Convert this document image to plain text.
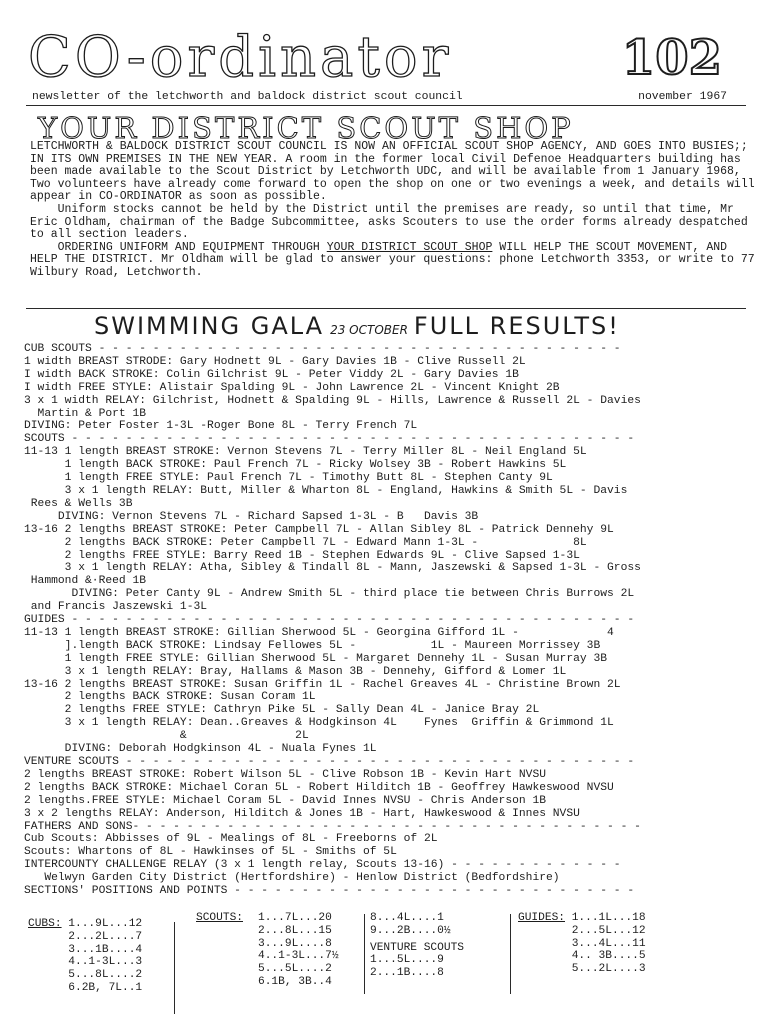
CO-ordinator	102
newsletter of the letchworth and baldock district scout council	november 1967
YOUR DISTRICT SCOUT SHOP

LETCHWORTH & BALDOCK DISTRICT SCOUT COUNCIL IS NOW AN OFFICIAL SCOUT SHOP AGENCY, AND GOES INTO BUSIES;; IN ITS OWN PREMISES IN THE NEW YEAR. A room in the former local Civil Defenoe Headquarters building has been made available to the Scout District by Letchworth UDC, and will be available from 1 January 1968, Two volunteers have already come forward to open the shop on one or two evenings a week, and details will appear in CO-ORDINATOR as soon as possible.

Uniform stocks cannot be held by the District until the premises are ready, so until that time, Mr Eric Oldham, chairman of the Badge Subcommittee, asks Scouters to use the order forms already despatched to all section leaders.

ORDERING UNIFORM AND EQUIPMENT THROUGH YOUR DISTRICT SCOUT SHOP WILL HELP THE SCOUT MOVEMENT, AND HELP THE DISTRICT. Mr Oldham will be glad to answer your questions: phone Letchworth 3353, or write to 77 Wilbury Road, Letchworth.

SWIMMING GALA 23 OCTOBER FULL RESULTS!
CUB SCOUTS - - - - - - - - - - - - - - - - - - - - - - - - - - - - - - - - - - - - - - -
1 width BREAST STRODE: Gary Hodnett 9L - Gary Davies 1B - Clive Russell 2L
I width BACK STROKE: Colin Gilchrist 9L - Peter Viddy 2L - Gary Davies 1B
I width FREE STYLE: Alistair Spalding 9L - John Lawrence 2L - Vincent Knight 2B
3 x 1 width RELAY: Gilchrist, Hodnett & Spalding 9L - Hills, Lawrence & Russell 2L - Davies
Martin & Port 1B
DIVING: Peter Foster 1-3L -Roger Bone 8L - Terry French 7L
SCOUTS - - - - - - - - - - - - - - - - - - - - - - - - - - - - - - - - - - - - - - - - - -
11-13 1 length BREAST STROKE: Vernon Stevens 7L - Terry Miller 8L - Neil England 5L
1 length BACK STROKE: Paul French 7L - Ricky Wolsey 3B - Robert Hawkins 5L
1 length FREE STYLE: Paul French 7L - Timothy Butt 8L - Stephen Canty 9L
3 x 1 length RELAY: Butt, Miller & Wharton 8L - England, Hawkins & Smith 5L - Davis
Rees & Wells 3B
DIVING: Vernon Stevens 7L - Richard Sapsed 1-3L - B   Davis 3B
13-16 2 lengths BREAST STROKE: Peter Campbell 7L - Allan Sibley 8L - Patrick Dennehy 9L
2 lengths BACK STROKE: Peter Campbell 7L - Edward Mann 1-3L -              8L
2 lengths FREE STYLE: Barry Reed 1B - Stephen Edwards 9L - Clive Sapsed 1-3L
3 x 1 length RELAY: Atha, Sibley & Tindall 8L - Mann, Jaszewski & Sapsed 1-3L - Gross
Hammond &·Reed 1B
DIVING: Peter Canty 9L - Andrew Smith 5L - third place tie between Chris Burrows 2L
and Francis Jaszewski 1-3L
GUIDES - - - - - - - - - - - - - - - - - - - - - - - - - - - - - - - - - - - - - - - - - -
11-13 1 length BREAST STROKE: Gillian Sherwood 5L - Georgina Gifford 1L -             4
].length BACK STROKE: Lindsay Fellowes 5L -           1L - Maureen Morrissey 3B
1 length FREE STYLE: Gillian Sherwood 5L - Margaret Dennehy 1L - Susan Murray 3B
3 x 1 length RELAY: Bray, Hallams & Mason 3B - Dennehy, Gifford & Lomer 1L
13-16 2 lengths BREAST STROKE: Susan Griffin 1L - Rachel Greaves 4L - Christine Brown 2L
2 lengths BACK STROKE: Susan Coram 1L
2 lengths FREE STYLE: Cathryn Pike 5L - Sally Dean 4L - Janice Bray 2L
3 x 1 length RELAY: Dean..Greaves & Hodgkinson 4L    Fynes  Griffin & Grimmond 1L
&                2L
DIVING: Deborah Hodgkinson 4L - Nuala Fynes 1L
VENTURE SCOUTS - - - - - - - - - - - - - - - - - - - - - - - - - - - - - - - - - - - - - -
2 lengths BREAST STROKE: Robert Wilson 5L - Clive Robson 1B - Kevin Hart NVSU
2 lengths BACK STROKE: Michael Coran 5L - Robert Hilditch 1B - Geoffrey Hawkeswood NVSU
2 lengths.FREE STYLE: Michael Coram 5L - David Innes NVSU - Chris Anderson 1B
3 x 2 lengths RELAY: Anderson, Hilditch & Jones 1B - Hart, Hawkeswood & Innes NVSU
FATHERS AND SONS- - - - - - - - - - - - - - - - - - - - - - - - - - - - - - - - - - - - - -
Cub Scouts: Abbisses of 9L - Mealings of 8L - Freeborns of 2L
Scouts: Whartons of 8L - Hawkinses of 5L - Smiths of 5L
INTERCOUNTY CHALLENGE RELAY (3 x 1 length relay, Scouts 13-16) - - - - - - - - - - - - -
Welwyn Garden City District (Hertfordshire) - Henlow District (Bedfordshire)
SECTIONS' POSITIONS AND POINTS - - - - - - - - - - - - - - - - - - - - - - - - - - - - - -
CUBS: 1...9L...12
2...2L....7
3...1B....4
4..1-3L...3
5...8L....2
6.2B, 7L..1
SCOUTS: 1...7L...20
2...8L...15
3...9L....8
4..1-3L...7½
5...5L....2
6.1B, 3B..4
8...4L....1
9...2B....0½
VENTURE SCOUTS
1...5L....9
2...1B....8
GUIDES: 1...1L...18
2...5L...12
3...4L...11
4.. 3B....5
5...2L....3
